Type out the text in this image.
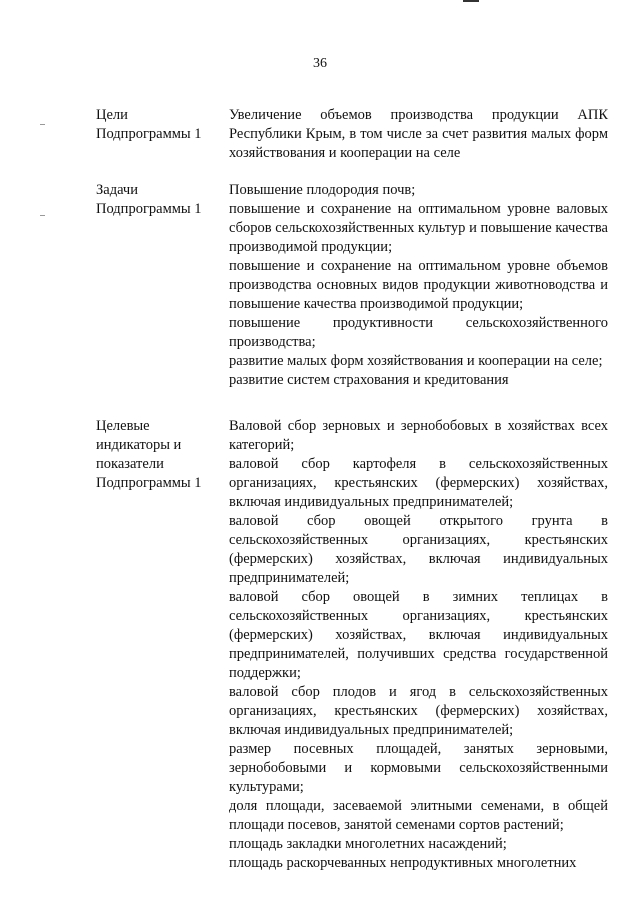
36
Цели
Подпрограммы 1

Увеличение объемов производства продукции АПК Республики Крым, в том числе за счет развития малых форм хозяйствования и кооперации на селе

Задачи
Подпрограммы 1

Повышение плодородия почв;

повышение и сохранение на оптимальном уровне валовых сборов сельскохозяйственных культур и повышение качества производимой продукции;

повышение и сохранение на оптимальном уровне объемов производства основных видов продукции животноводства и повышение качества производимой продукции;

повышение продуктивности сельскохозяйственного производства;

развитие малых форм хозяйствования и кооперации на селе;

развитие систем страхования и кредитования

Целевые
индикаторы и
показатели
Подпрограммы 1

Валовой сбор зерновых и зернобобовых в хозяйствах всех категорий;

валовой сбор картофеля в сельскохозяйственных организациях, крестьянских (фермерских) хозяйствах, включая индивидуальных предпринимателей;

валовой сбор овощей открытого грунта в сельскохозяйственных организациях, крестьянских (фермерских) хозяйствах, включая индивидуальных предпринимателей;

валовой сбор овощей в зимних теплицах в сельскохозяйственных организациях, крестьянских (фермерских) хозяйствах, включая индивидуальных предпринимателей, получивших средства государственной поддержки;

валовой сбор плодов и ягод в сельскохозяйственных организациях, крестьянских (фермерских) хозяйствах, включая индивидуальных предпринимателей;

размер посевных площадей, занятых зерновыми, зернобобовыми и кормовыми сельскохозяйственными культурами;

доля площади, засеваемой элитными семенами, в общей площади посевов, занятой семенами сортов растений;

площадь закладки многолетних насаждений;

площадь раскорчеванных непродуктивных многолетних
